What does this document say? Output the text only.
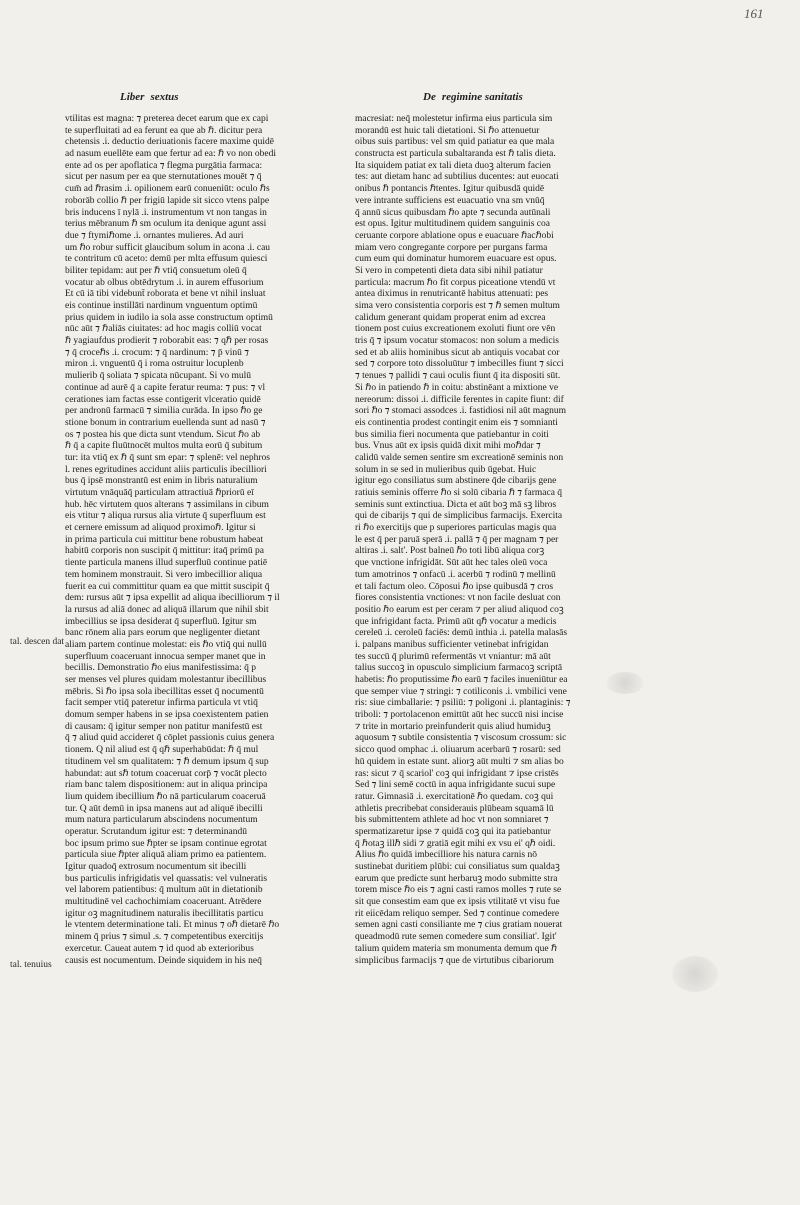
161
Liber sextus	De regimine sanitatis
vtilitas est magna: ⁊ preterea decet earum que ex capi
te superfluitati ad ea ferunt ea que ab ℏ. dicitur pera
chetensis .i. deductio deriuationis facere maxime quidē
ad nasum euellēte eam que fertur ad ea: ℏ vo non obedi
ente ad os per apoflatica ⁊ flegma purgātia farmaca:
sicut per nasum per ea que sternutationes mouēt ⁊ q̄
cum̄ ad ℏrasim .i. opilionem earū conueniūt: oculo ℏs
roborāb collio ℏ per frigiū lapide sit sicco vtens palpe
bris inducens ī nylā .i. instrumentum vt non tangas in
terius mēbranum ℏ sm oculum ita denique agunt assi
due ⁊ ftymiℏome .i. ornantes mulieres. Ad auri
um ℏo robur sufficit glaucibum solum in acona .i. cau
te contritum cū aceto: demū per mlta effusum quiesci
biliter tepidam: aut per ℏ vtiq̄ consuetum oleū q̄
vocatur ab olbus obtēdrytum .i. in aurem effusorium
Et cū iā tibi videbunt̄ roborata et bene vt nihil insluat
eis continue instillāti nardinum vnguentum optimū
prius quidem in iudilo ia sola asse constructum optimū
nūc aūt ⁊ ℏaliās ciuitates: ad hoc magis colliū vocat
ℏ yagiaufdus prodierit ⁊ roborabit eas: ⁊ qℏ per rosas
⁊ q̄ croceℏs .i. crocum: ⁊ q̄ nardinum: ⁊ p̄ vinū ⁊
miron .i. vnguentū q̄ i roma ostruitur locuplenb̄
mulierib̄ q̄ soliata ⁊ spicata nūcupant. Si vo mulū
continue ad aurē q̄ a capite feratur reuma: ⁊ pus: ⁊ vl
cerationes iam factas esse contigerit vlceratio quidē
per andronū farmacū ⁊ similia curāda. In ipso ℏo ge
stione bonum in contrarium euellenda sunt ad nasū ⁊
os ⁊ postea his que dicta sunt vtendum. Sicut ℏo ab
ℏ q̄ a capite fluūtnocēt multos multa eorū q̄ subitum
tur: ita vtiq̄ ex ℏ q̄ sunt sm epar: ⁊ splenē: vel nephros
l. renes egritudines accidunt aliis particulis ibecilliori
bus q̄ ipsē monstrantū est enim in libris naturalium
virtutum vnāquāq̄ particulam attractiuā ℏpriorū eī
hub. hēc virtutem quos alterans ⁊ assimilans in cibum
eis vtitur ⁊ aliqua rursus alia virtute q̄ superfluum est
et cernere emissum ad aliquod proximoℏ. Igitur si
in prima particula cui mittitur bene robustum habeat
habitū corporis non suscipit q̄ mittitur: itaq̄ primū pa
tiente particula manens illud superfluū continue patiē
tem hominem monstrauit. Si vero imbecillior aliqua
fuerit ea cui committitur quam ea que mittit suscipit q̄
dem: rursus aūt ⁊ ipsa expellit ad aliqua ibecilliorum ⁊ il
la rursus ad aliā donec ad aliquā illarum que nihil sbit
imbecillius se ipsa desiderat q̄ superfluū. Igitur sm
banc rōnem alia pars eorum que negligenter dietant
aliam partem continue molestat: eis ℏo vtiq̄ qui nullū
superfluum coaceruant innocua semper manet que in
becillis. Demonstratio ℏo eius manifestissima: q̄ p
ser menses vel plures quidam molestantur ibecillibus
mēbris. Si ℏo ipsa sola ibecillitas esset q̄ nocumentū
facit semper vtiq̄ pateretur infirma particula vt vtiq̄
domum semper habens in se ipsa coexistentem patien
di causam: q̄ igitur semper non patitur manifestū est
q̄ ⁊ aliud quid accideret q̄ cōplet passionis cuius genera
tionem. Q̄ nil aliud est q̄ qℏ superhabūdat: ℏ q̄ mul
titudinem vel sm qualitatem: ⁊ ℏ demum ipsum q̄ sup
habundat: aut sℏ totum coaceruat corp̄ ⁊ vocāt plecto
riam banc talem dispositionem: aut in aliqua principa
lium quidem ibecillium ℏo nā particularum coaceruā
tur. Q̄ aūt demū in ipsa manens aut ad aliquē ibecilli
mum natura particularum abscindens nocumentum
operatur. Scrutandum igitur est: ⁊ determinandū
boc ipsum primo sue ℏpter se ipsam continue egrotat
particula siue ℏpter aliquā aliam primo ea patientem.
Igitur quadoq̄ extrosum nocumentum sit ibecilli
bus particulis infrigidatis vel quassatis: vel vulneratis
vel laborem patientibus: q̄ multum aūt in dietationib̄
multitudinē vel cachochimiam coaceruant. Atrēdere
igitur oꝫ magnitudinem naturalis ibecillitatis particu
le vtentem determinatione tali. Et minus ⁊ oℏ dietarē ℏo
minem q̄ prius ⁊ simul .s. ⁊ competentibus exercitijs
exercetur. Caueat autem ⁊ id quod ab exteriorib̄us
causis est nocumentum. Deinde siquidem in his neq̄
macresiat: neq̄ molestetur infirma eius particula sim
morandū est huic tali dietationi. Si ℏo attenuetur
oibus suis partibus: vel sm quid patiatur ea que mala
constructa est particula subaltaranda est ℏ talis dieta.
Ita siquidem patiat ex tali dieta duoꝫ alterum facien
tes: aut dietam hanc ad subtilius ducentes: aut euocati
onibus ℏ pontancis ℏtentes. Igitur quibusdā quidē
vere intrante sufficiens est euacuatio vna sm vnūq̄
q̄ annū sicus quibusdam ℏo apte ⁊ secunda autūnali
est opus. Igitur multitudinem quidem sanguinis coa
ceruante corpore ablatione opus e euacuare ℏacℏobi
miam vero congregante corpore per purgans farma
cum eum qui dominatur humorem euacuare est opus.
Si vero in competenti dieta data sibi nihil patiatur
particula: macrum ℏo fit corpus piceatione vtendū vt
antea diximus in renutricantē habitus attenuati: pes
sima vero consistentia corporis est ⁊ ℏ semen multum
calidum generant quidam properat enim ad excrea
tionem post cuius excreationem exoluti fiunt ore vēn
tris q̄ ⁊ ipsum vocatur stomacos: non solum a medicis
sed et ab aliis hominibus sicut ab antiquis vocabat cor
sed ⁊ corpore toto dissoluūtur ⁊ imbecilles fiunt ⁊ sicci
⁊ tenues ⁊ pallidi ⁊ caui oculis fiunt q̄ ita dispositi sūt.
Si ℏo in patiendo ℏ in coitu: abstinēant a mixtione ve
nereorum: dissoi .i. difficile ferentes in capite fiunt: dif
sori ℏo ⁊ stomaci assodces .i. fastidiosi nil aūt magnum
eis continentia prodest contingit enim eis ⁊ somnianti
bus similia fieri nocumenta que patiebantur in coiti
bus. Vnus aūt ex ipsis quidā dixit mihi moℏdar ⁊
calidū valde semen sentire sm excreationē seminis non
solum in se sed in mulieribus quib̄ ūgebat. Huic
igitur ego consiliatus sum abstinere q̄de cibarijs gene
ratiuis seminis offerre ℏo si solū cibaria ℏ ⁊ farmaca q̄
seminis sunt extinctiua. Dicta et aūt boꝫ mā sꝫ libros
qui de cibarijs ⁊ qui de simplicibus farmacijs. Exercita
ri ℏo exercitijs que p superiores particulas magis qua
le est q̄ per paruā sperā .i. pallā ⁊ q̄ per magnam ⁊ per
altiras .i. salt'. Post balneū ℏo toti libū aliqua corꝫ
que vnctione infrigidāt. Sūt aūt hec tales oleū voca
tum amotrinos ⁊ onfacū .i. acerbū ⁊ rodinū ⁊ mellinū
et tali factum oleo. Cōposui ℏo ipse quibusdā ⁊ cros
fiores consistentia vnctiones: vt non facile desluat con
positio ℏo earum est per ceram ⁊ per aliud aliquod coꝫ
que infrigidant facta. Primū aūt qℏ vocatur a medicis
cereleū .i. ceroleū faciēs: demū inthia .i. patella malasās
i. palpans manibus sufficienter vetinebat infrigidan
tes succū q̄ plurimū refermentās vt vniantur: mā aūt
talius succoꝫ in opusculo simplicium farmacoꝫ scriptā
habetis: ℏo proputissime ℏo earū ⁊ faciles inueniūtur ea
que semper viue ⁊ stringi: ⁊ cotiliconis .i. vmbilici vene
ris: siue cimballarie: ⁊ psiliū: ⁊ poligoni .i. plantaginis: ⁊
triboli: ⁊ portolacenon emittūt aūt hec succū nisi incise
⁊ trite in mortario preinfunderit quis aliud humiduꝫ
aquosum ⁊ subtile consistentia ⁊ viscosum crossum: sic
sicco quod omphac .i. oliuarum acerbarū ⁊ rosarū: sed
hū quidem in estate sunt. aliorꝫ aūt multi ⁊ sm alias bo
ras: sicut ⁊ q̄ scariol' coꝫ qui infrigidant ⁊ ipse cristēs
Sed ⁊ lini semē coctū in aqua infrigidante sucui supe
ratur. Gimnasiā .i. exercitationē ℏo quedam. coꝫ qui
athletis precribebat considerauis plūbeam squamā lū
bis submittentem athlete ad hoc vt non somniaret ⁊
spermatizaretur ipse ⁊ quidā coꝫ qui ita patiebantur
q̄ ℏotaꝫ illℏ sidi ⁊ gratiā egit mihi ex vsu ei' qℏ oidi.
Alius ℏo quidā imbecilliore his natura carnis nō
sustinebat duritiem plūbi: cui consiliatus sum qualdaꝫ
earum que predicte sunt herbaruꝫ modo submitte stra
torem misce ℏo eis ⁊ agni casti ramos molles ⁊ rute se
sit que consestim eam que ex ipsis vtilitatē vt visu fue
rit eiicēdam reliquo semper. Sed ⁊ continue comedere
semen agni casti consiliante me ⁊ cius gratiam nouerat
queadmodū rute semen comedere sum consiliat'. Igit'
talium quidem materia sm monumenta demum que ℏ
simplicibus farmacijs ⁊ que de virtutibus cibariorum
tal. descen dat
tal. tenuius
